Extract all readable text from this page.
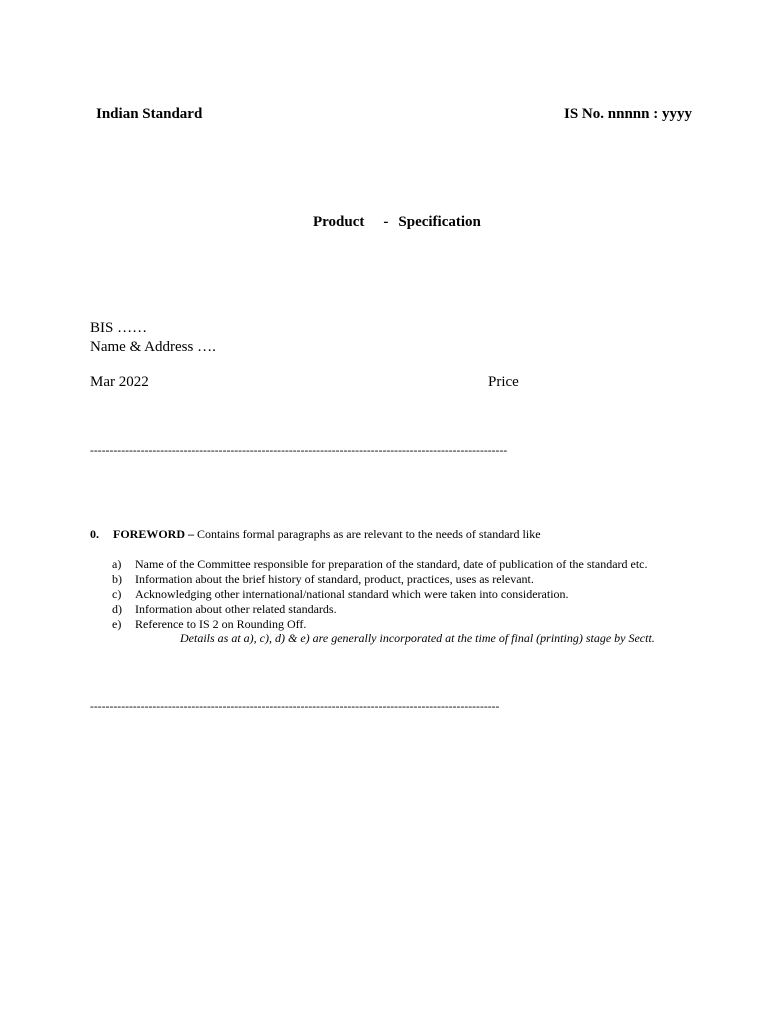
Indian Standard	IS No. nnnnn : yyyy
Product - Specification
BIS ……
Name & Address ….
Mar 2022	Price
-----------------------------------------------------------------------------------------------------------
0. FOREWORD – Contains formal paragraphs as are relevant to the needs of standard like
a) Name of the Committee responsible for preparation of the standard, date of publication of the standard etc.
b) Information about the brief history of standard, product, practices, uses as relevant.
c) Acknowledging other international/national standard which were taken into consideration.
d) Information about other related standards.
e) Reference to IS 2 on Rounding Off.
Details as at a), c), d) & e) are generally incorporated at the time of final (printing) stage by Sectt.
---------------------------------------------------------------------------------------------------------
